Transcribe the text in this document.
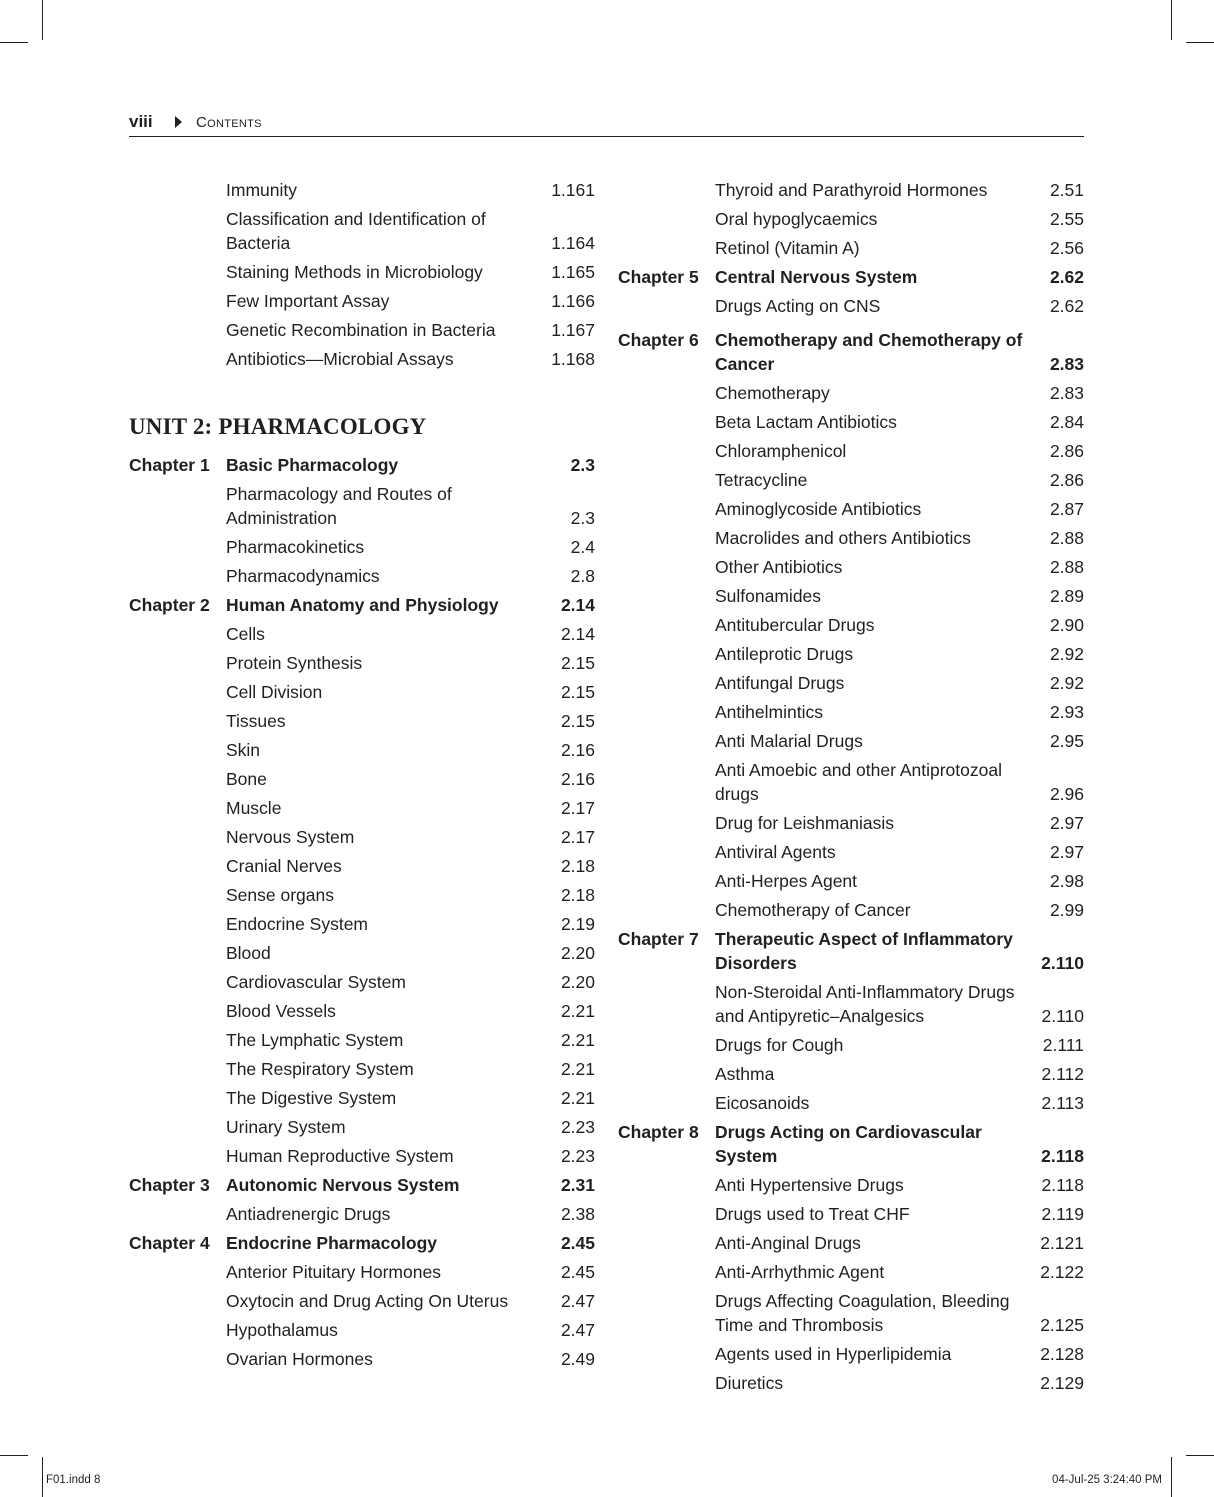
viii	Contents
Immunity	1.161
Classification and Identification of Bacteria	1.164
Staining Methods in Microbiology	1.165
Few Important Assay	1.166
Genetic Recombination in Bacteria	1.167
Antibiotics—Microbial Assays	1.168
UNIT 2: PHARMACOLOGY
Chapter 1 Basic Pharmacology	2.3
Pharmacology and Routes of Administration	2.3
Pharmacokinetics	2.4
Pharmacodynamics	2.8
Chapter 2 Human Anatomy and Physiology	2.14
Cells	2.14
Protein Synthesis	2.15
Cell Division	2.15
Tissues	2.15
Skin	2.16
Bone	2.16
Muscle	2.17
Nervous System	2.17
Cranial Nerves	2.18
Sense organs	2.18
Endocrine System	2.19
Blood	2.20
Cardiovascular System	2.20
Blood Vessels	2.21
The Lymphatic System	2.21
The Respiratory System	2.21
The Digestive System	2.21
Urinary System	2.23
Human Reproductive System	2.23
Chapter 3 Autonomic Nervous System	2.31
Antiadrenergic Drugs	2.38
Chapter 4 Endocrine Pharmacology	2.45
Anterior Pituitary Hormones	2.45
Oxytocin and Drug Acting On Uterus	2.47
Hypothalamus	2.47
Ovarian Hormones	2.49
Thyroid and Parathyroid Hormones	2.51
Oral hypoglycaemics	2.55
Retinol (Vitamin A)	2.56
Chapter 5 Central Nervous System	2.62
Drugs Acting on CNS	2.62
Chapter 6 Chemotherapy and Chemotherapy of Cancer	2.83
Chemotherapy	2.83
Beta Lactam Antibiotics	2.84
Chloramphenicol	2.86
Tetracycline	2.86
Aminoglycoside Antibiotics	2.87
Macrolides and others Antibiotics	2.88
Other Antibiotics	2.88
Sulfonamides	2.89
Antitubercular Drugs	2.90
Antileprotic Drugs	2.92
Antifungal Drugs	2.92
Antihelmintics	2.93
Anti Malarial Drugs	2.95
Anti Amoebic and other Antiprotozoal drugs	2.96
Drug for Leishmaniasis	2.97
Antiviral Agents	2.97
Anti-Herpes Agent	2.98
Chemotherapy of Cancer	2.99
Chapter 7 Therapeutic Aspect of Inflammatory Disorders	2.110
Non-Steroidal Anti-Inflammatory Drugs and Antipyretic–Analgesics	2.110
Drugs for Cough	2.111
Asthma	2.112
Eicosanoids	2.113
Chapter 8 Drugs Acting on Cardiovascular System	2.118
Anti Hypertensive Drugs	2.118
Drugs used to Treat CHF	2.119
Anti-Anginal Drugs	2.121
Anti-Arrhythmic Agent	2.122
Drugs Affecting Coagulation, Bleeding Time and Thrombosis	2.125
Agents used in Hyperlipidemia	2.128
Diuretics	2.129
F01.indd 8	04-Jul-25 3:24:40 PM
